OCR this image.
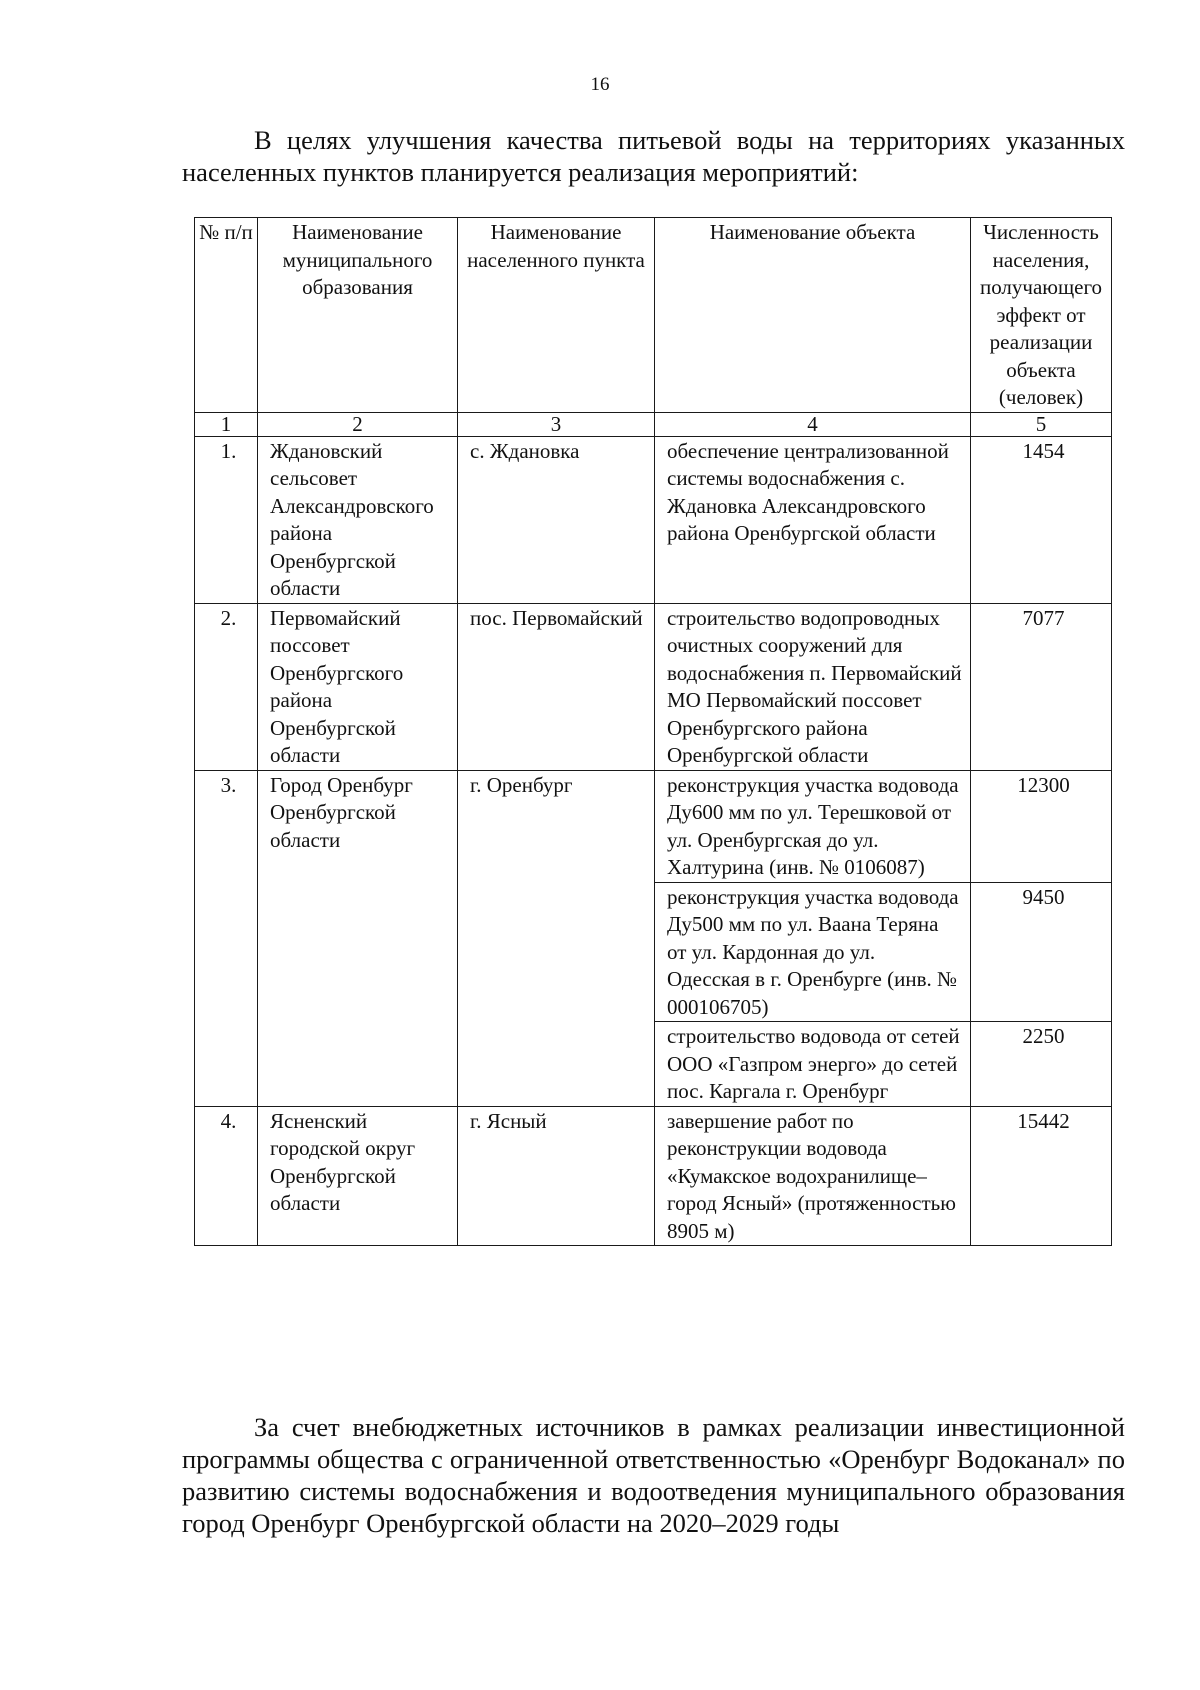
16

В целях улучшения качества питьевой воды на территориях указанных населенных пунктов планируется реализация мероприятий:

№ п/п	Наименование муниципального образования	Наименование населенного пункта	Наименование объекта	Численность населения, получающего эффект от реализации объекта (человек)
1	2	3	4	5
1.	Ждановский сельсовет Александровского района Оренбургской области	с. Ждановка	обеспечение централизованной системы водоснабжения с. Ждановка Александровского района Оренбургской области	1454
2.	Первомайский поссовет Оренбургского района Оренбургской области	пос. Первомайский	строительство водопроводных очистных сооружений для водоснабжения п. Первомайский МО Первомайский поссовет Оренбургского района Оренбургской области	7077
3.	Город Оренбург Оренбургской области	г. Оренбург	реконструкция участка водовода Ду600 мм по ул. Терешковой от ул. Оренбургская до ул. Халтурина (инв. № 0106087)	12300
			реконструкция участка водовода Ду500 мм по ул. Ваана Теряна от ул. Кардонная до ул. Одесская в г. Оренбурге (инв. № 000106705)	9450
			строительство водовода от сетей ООО «Газпром энерго» до сетей пос. Каргала г. Оренбург	2250
4.	Ясненский городской округ Оренбургской области	г. Ясный	завершение работ по реконструкции водовода «Кумакское водохранилище–город Ясный» (протяженностью 8905 м)	15442

За счет внебюджетных источников в рамках реализации инвестиционной программы общества с ограниченной ответственностью «Оренбург Водоканал» по развитию системы водоснабжения и водоотведения муниципального образования город Оренбург Оренбургской области на 2020–2029 годы
